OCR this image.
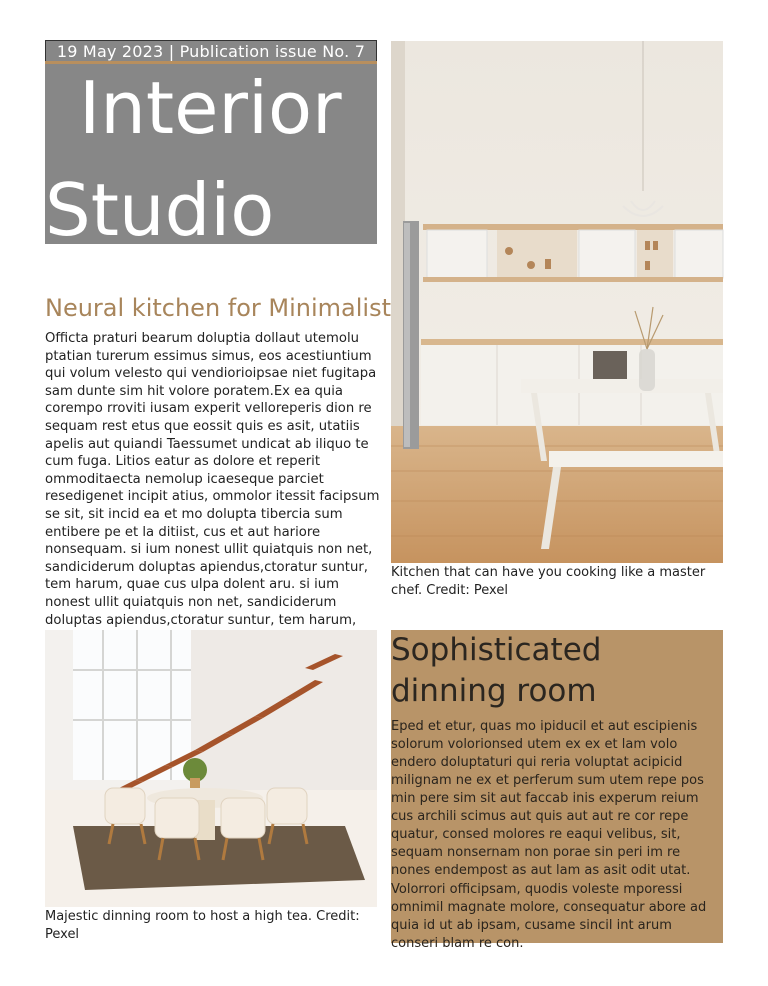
19 May 2023 | Publication issue No. 7
Interior
Studio
Neural kitchen for Minimalist
Officta praturi bearum doluptia dollaut utemolu ptatian turerum essimus simus, eos acestiuntium qui volum velesto qui vendiorioipsae niet fugitapa sam dunte sim hit volore poratem.Ex ea quia corempo rroviti iusam experit velloreperis dion re sequam rest etus que eossit quis es asit, utatiis apelis aut quiandi Taessumet undicat ab iliquo te cum fuga. Litios eatur as dolore et reperit ommoditaecta nemolup icaeseque parciet resedigenet incipit atius, ommolor itessit facipsum se sit, sit incid ea et mo dolupta tibercia sum entibere pe et la ditiist, cus et aut hariore nonsequam. si ium nonest ullit quiatquis non net, sandiciderum doluptas apiendus,ctoratur suntur, tem harum, quae cus ulpa dolent aru. si ium nonest ullit quiatquis non net, sandiciderum doluptas apiendus,ctoratur suntur, tem harum,
Kitchen that can have you cooking like a master chef. Credit: Pexel
Majestic dinning room to host a high tea. Credit: Pexel
Sophisticated dinning room
Eped et etur, quas mo ipiducil et aut escipienis solorum volorionsed utem ex ex et lam volo endero doluptaturi qui reria voluptat acipicid milignam ne ex et perferum sum utem repe pos min pere sim sit aut faccab inis experum reium cus archili scimus aut quis aut aut re cor repe quatur, consed molores re eaqui velibus, sit, sequam nonsernam non porae sin peri im re nones endempost as aut lam as asit odit utat.
Volorrori officipsam, quodis voleste mporessi omnimil magnate molore, consequatur abore ad quia id ut ab ipsam, cusame sincil int arum conseri blam re con.
